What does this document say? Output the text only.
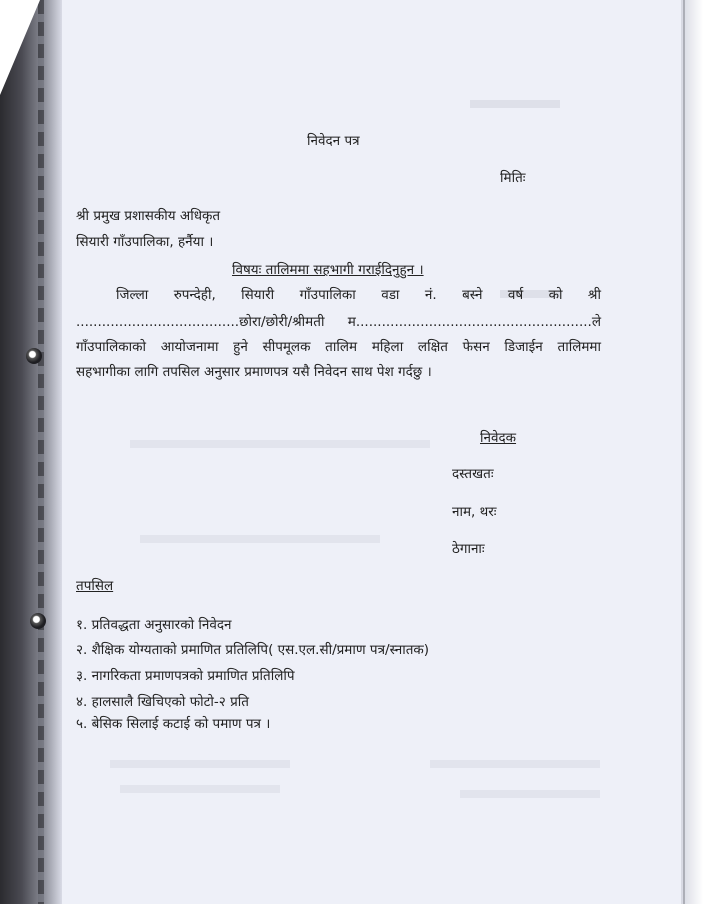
निवेदन पत्र
मितिः
श्री प्रमुख प्रशासकीय अधिकृत
सियारी गाँउपालिका, हर्नैया ।
विषयः तालिममा सहभागी गराईदिनुहुन ।
जिल्ला रुपन्देही, सियारी गाँउपालिका वडा नं. बस्ने वर्ष को श्री
......................................छोरा/छोरी/श्रीमती म.......................................................ले
गाँउपालिकाको आयोजनामा हुने सीपमूलक तालिम महिला लक्षित फेसन डिजाईन तालिममा
सहभागीका लागि तपसिल अनुसार प्रमाणपत्र यसै निवेदन साथ पेश गर्दछु ।
निवेदक
दस्तखतः
नाम, थरः
ठेगानाः
तपसिल
१. प्रतिवद्धता अनुसारको निवेदन
२. शैक्षिक योग्यताको प्रमाणित प्रतिलिपि( एस.एल.सी/प्रमाण पत्र/स्नातक)
३. नागरिकता प्रमाणपत्रको प्रमाणित प्रतिलिपि
४. हालसालै खिचिएको फोटो-२ प्रति
५. बेसिक सिलाई कटाई को पमाण पत्र ।
